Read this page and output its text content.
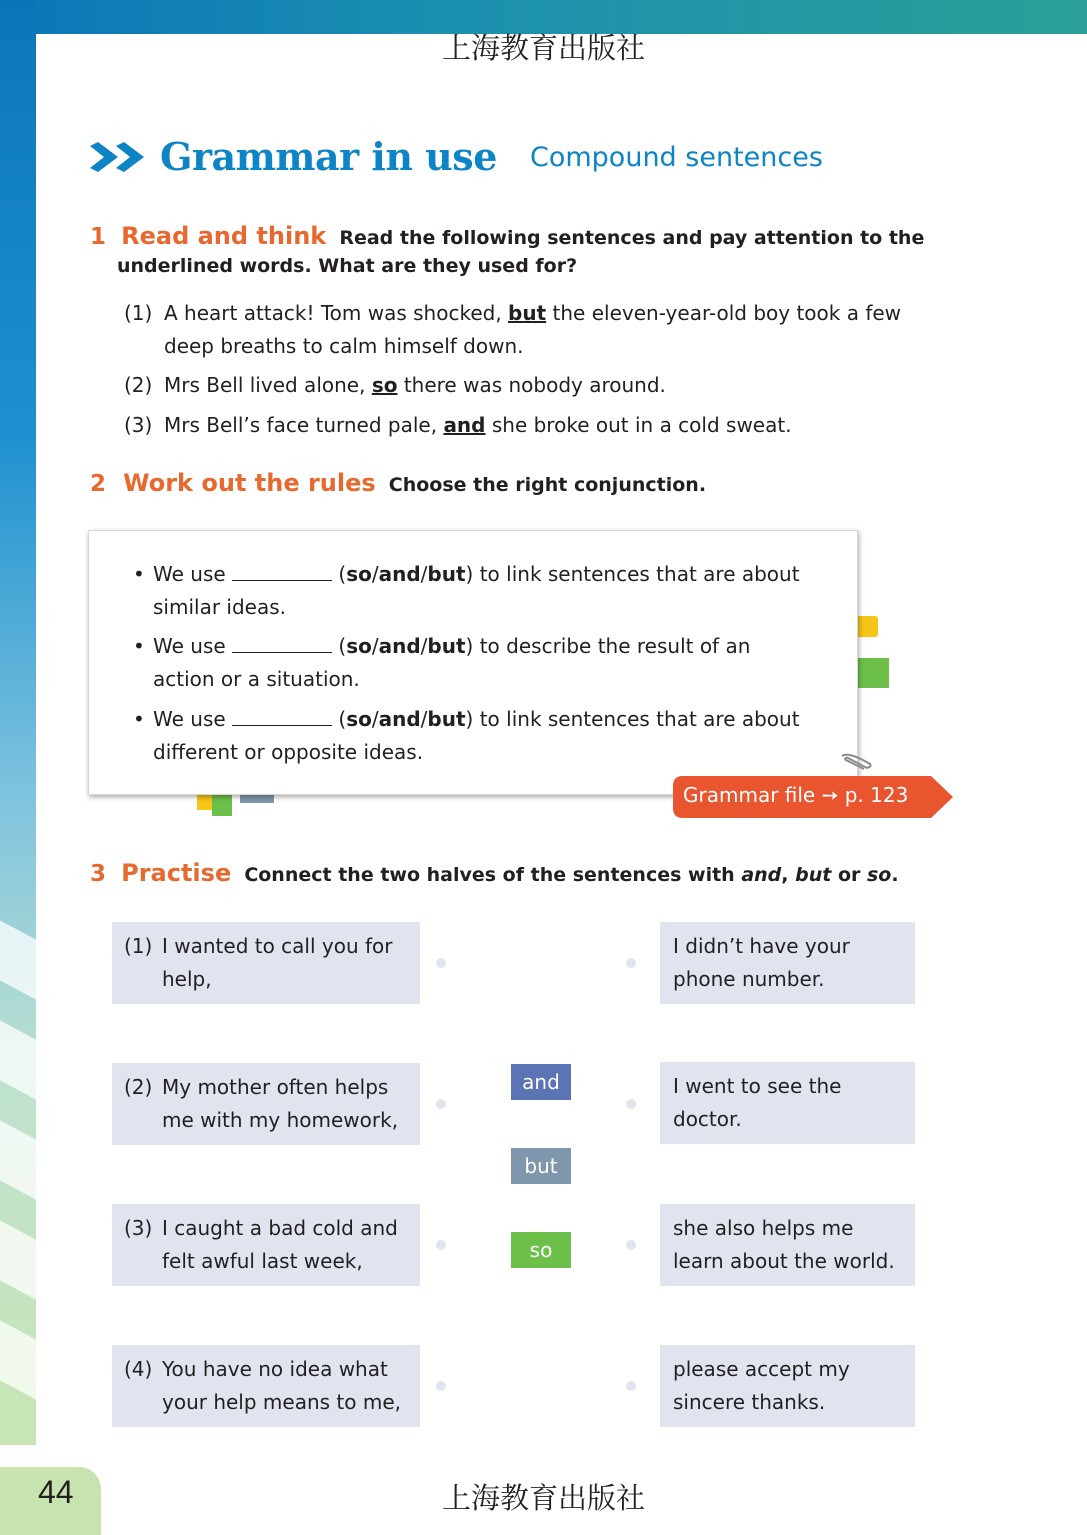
44
上海教育出版社
上海教育出版社
Grammar in use Compound sentences
1 Read and think Read the following sentences and pay attention to the
underlined words. What are they used for?
(1) A heart attack! Tom was shocked, but the eleven-year-old boy took a few
deep breaths to calm himself down.
(2) Mrs Bell lived alone, so there was nobody around.
(3) Mrs Bell’s face turned pale, and she broke out in a cold sweat.
2 Work out the rules Choose the right conjunction.
• We use	(so/and/but) to link sentences that are about
similar ideas.
• We use	(so/and/but) to describe the result of an
action or a situation.
• We use	(so/and/but) to link sentences that are about
different or opposite ideas.
Grammar file ➙ p. 123
3 Practise Connect the two halves of the sentences with and, but or so.
(1) I wanted to call you for
help,
I didn’t have your
phone number.
(2) My mother often helps
me with my homework,
I went to see the
doctor.
(3) I caught a bad cold and
felt awful last week,
she also helps me
learn about the world.
(4) You have no idea what
your help means to me,
please accept my
sincere thanks.
and
but
so
